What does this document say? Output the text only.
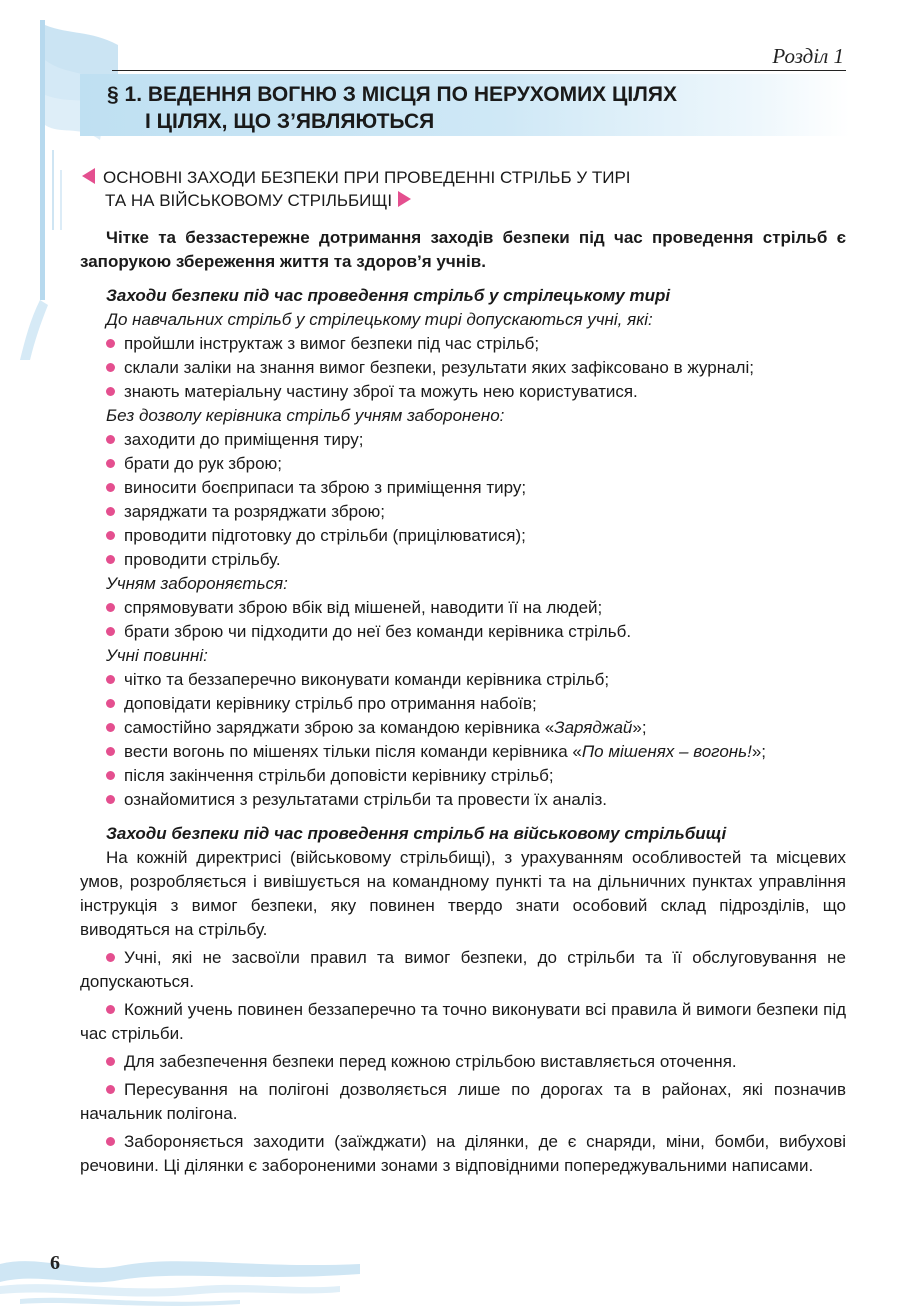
Розділ 1
§ 1. ВЕДЕННЯ ВОГНЮ З МІСЦЯ ПО НЕРУХОМИХ ЦІЛЯХ
І ЦІЛЯХ, ЩО З’ЯВЛЯЮТЬСЯ
ОСНОВНІ ЗАХОДИ БЕЗПЕКИ ПРИ ПРОВЕДЕННІ СТРІЛЬБ У ТИРІ
ТА НА ВІЙСЬКОВОМУ СТРІЛЬБИЩІ

Чітке та беззастережне дотримання заходів безпеки під час проведення стрільб є запорукою збереження життя та здоров’я учнів.

Заходи безпеки під час проведення стрільб у стрілецькому тирі

До навчальних стрільб у стрілецькому тирі допускаються учні, які:

пройшли інструктаж з вимог безпеки під час стрільб;

склали заліки на знання вимог безпеки, результати яких зафіксовано в журналі;

знають матеріальну частину зброї та можуть нею користуватися.

Без дозволу керівника стрільб учням заборонено:

заходити до приміщення тиру;

брати до рук зброю;

виносити боєприпаси та зброю з приміщення тиру;

заряджати та розряджати зброю;

проводити підготовку до стрільби (прицілюватися);

проводити стрільбу.

Учням забороняється:

спрямовувати зброю вбік від мішеней, наводити її на людей;

брати зброю чи підходити до неї без команди керівника стрільб.

Учні повинні:

чітко та беззаперечно виконувати команди керівника стрільб;

доповідати керівнику стрільб про отримання набоїв;

самостійно заряджати зброю за командою керівника «Заряджай»;

вести вогонь по мішенях тільки після команди керівника «По мішенях – вогонь!»;

після закінчення стрільби доповісти керівнику стрільб;

ознайомитися з результатами стрільби та провести їх аналіз.

Заходи безпеки під час проведення стрільб на військовому стрільбищі

На кожній директрисі (військовому стрільбищі), з урахуванням особливостей та місцевих умов, розробляється і вивішується на командному пункті та на дільничних пунктах управління інструкція з вимог безпеки, яку повинен твердо знати особовий склад підрозділів, що виводяться на стрільбу.

Учні, які не засвоїли правил та вимог безпеки, до стрільби та її обслуговування не допускаються.

Кожний учень повинен беззаперечно та точно виконувати всі правила й вимоги безпеки під час стрільби.

Для забезпечення безпеки перед кожною стрільбою виставляється оточення.

Пересування на полігоні дозволяється лише по дорогах та в районах, які позначив начальник полігона.

Забороняється заходити (заїжджати) на ділянки, де є снаряди, міни, бомби, вибухові речовини. Ці ділянки є забороненими зонами з відповідними попереджувальними написами.

6
